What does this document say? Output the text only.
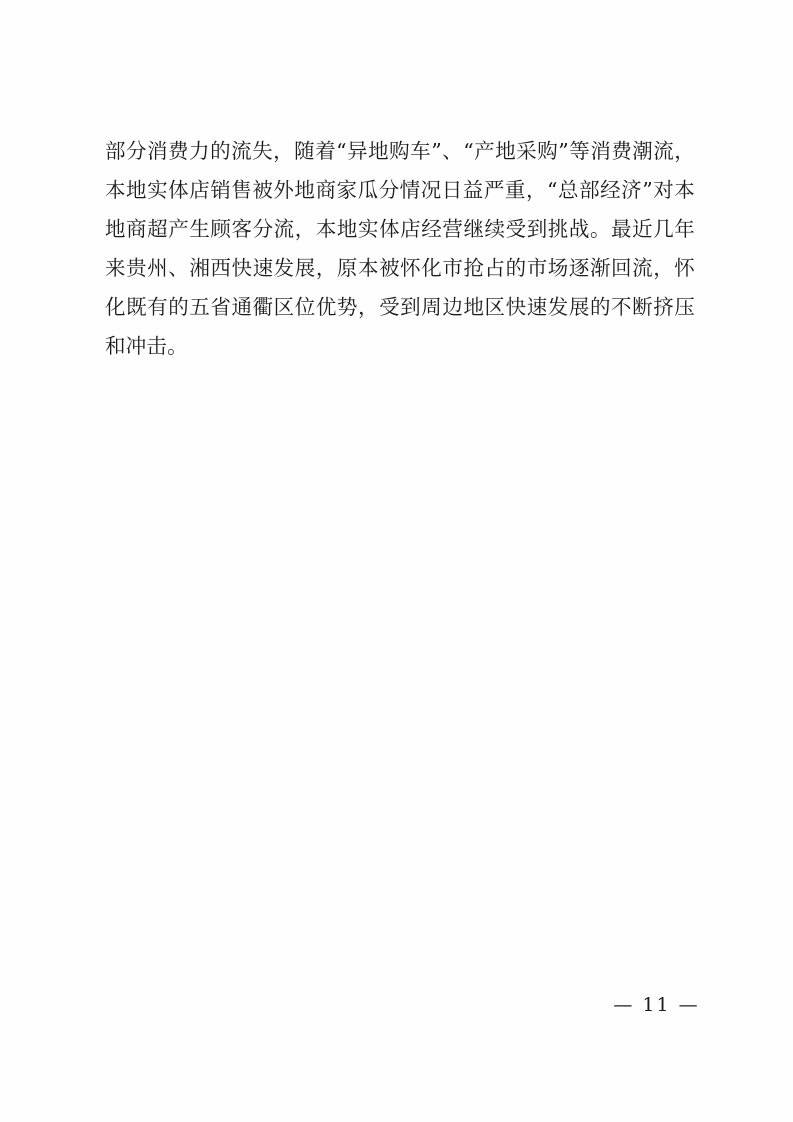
部分消费力的流失，随着“异地购车”、“产地采购”等消费潮流，本地实体店销售被外地商家瓜分情况日益严重，“总部经济”对本地商超产生顾客分流，本地实体店经营继续受到挑战。最近几年来贵州、湘西快速发展，原本被怀化市抢占的市场逐渐回流，怀化既有的五省通衢区位优势，受到周边地区快速发展的不断挤压和冲击。

— 11 —
